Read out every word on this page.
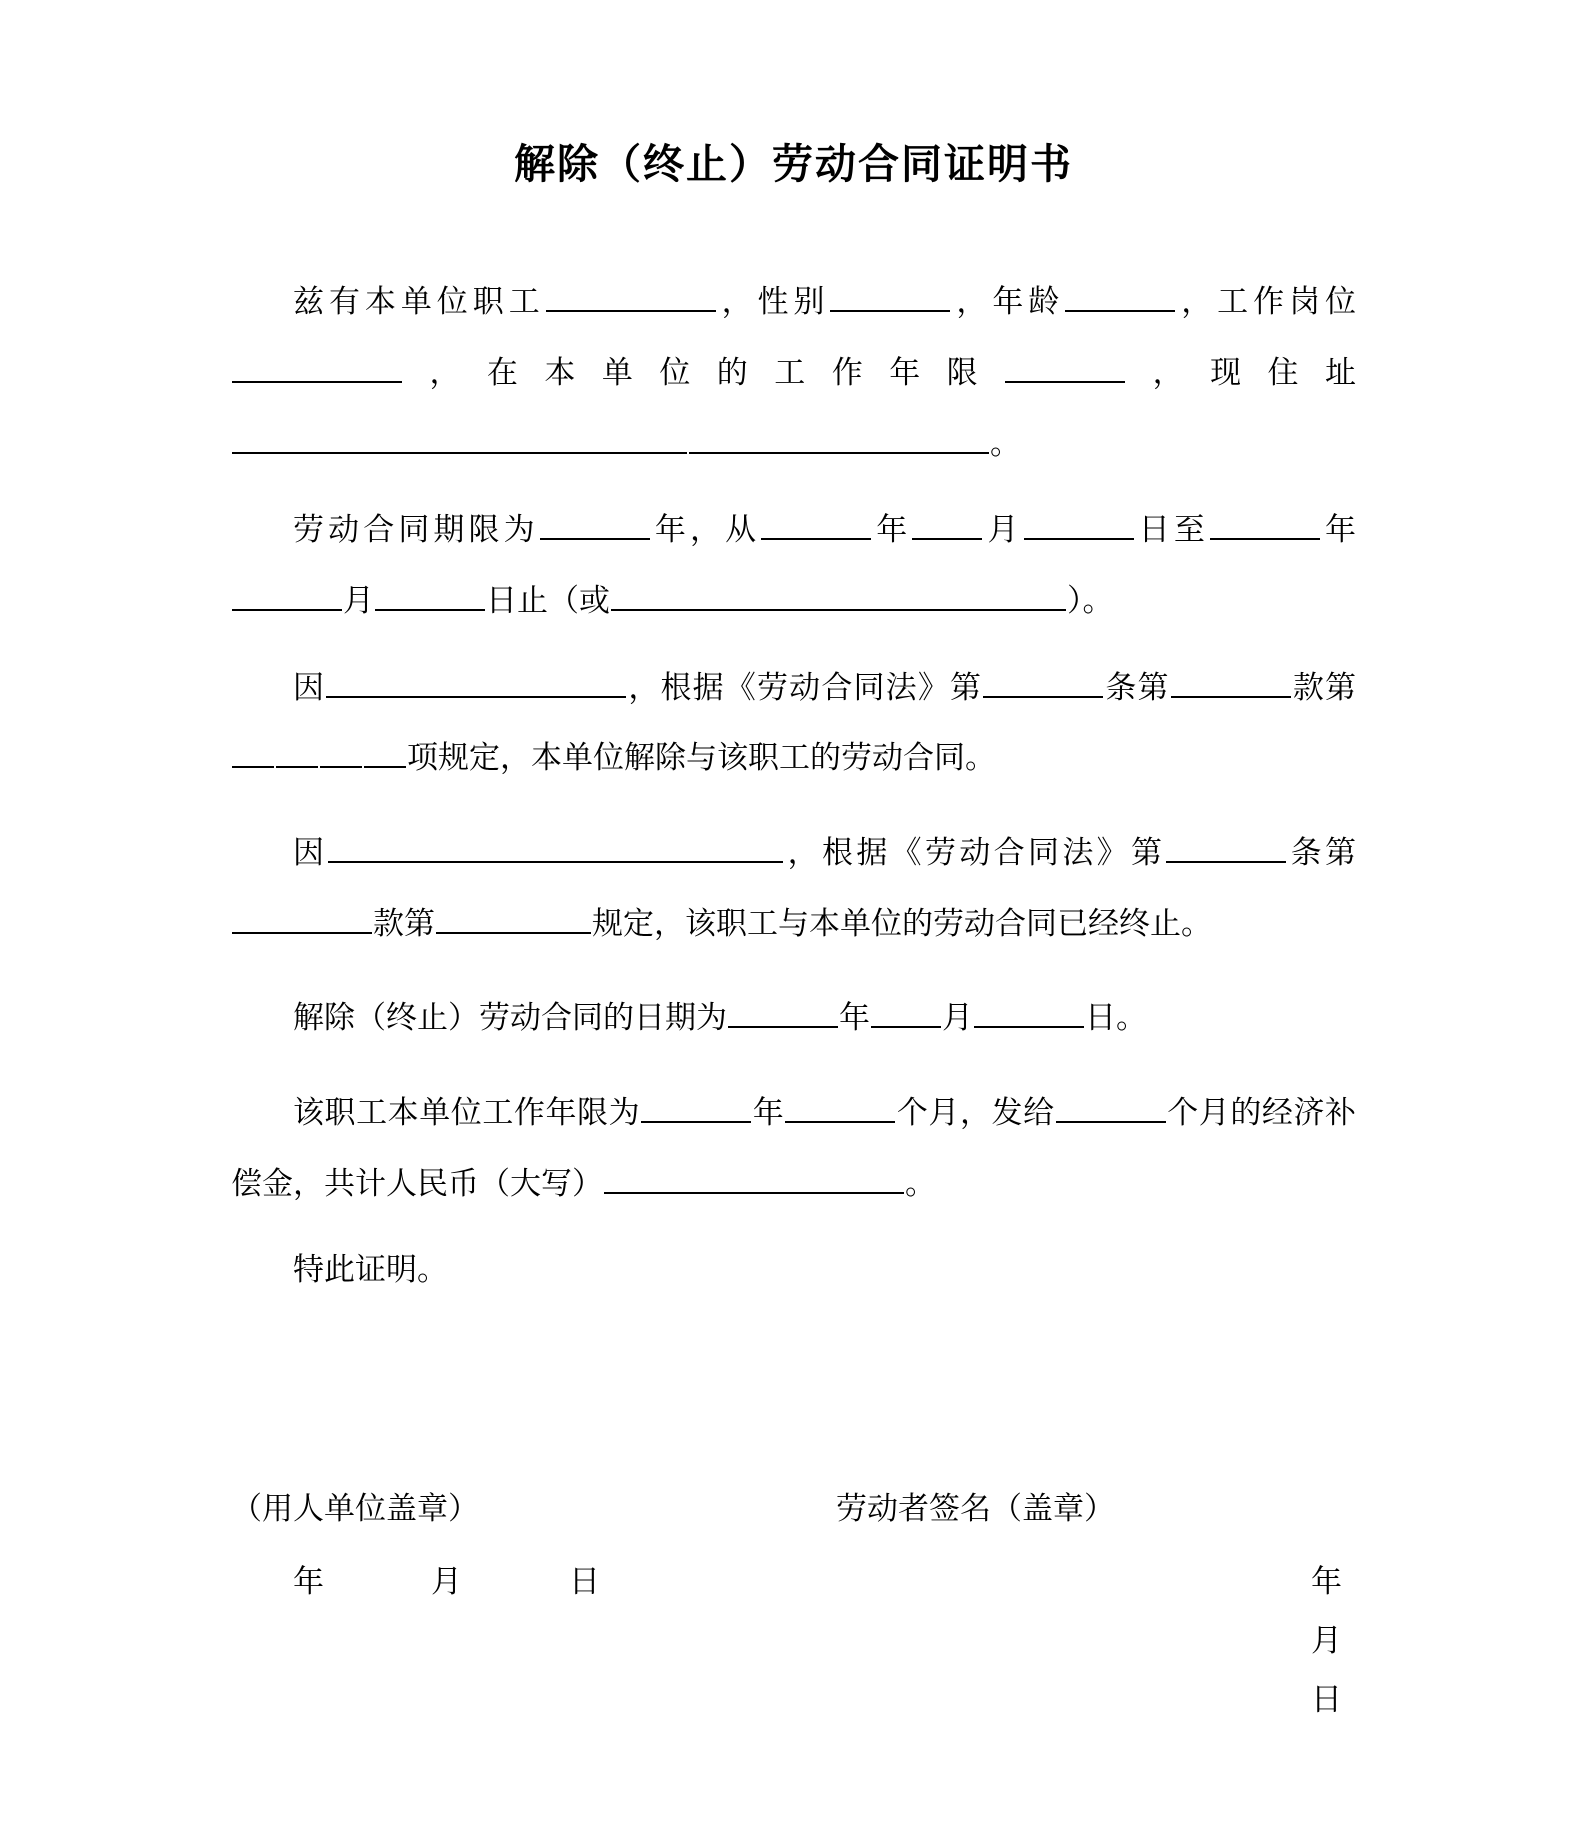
解除（终止）劳动合同证明书

兹有本单位职工	，性别	，年龄	，工作岗位，在本单位的工作年限	，现住址。

劳动合同期限为	年，从	年 月	日至	年月	日止（或	）。

因	，根据《劳动合同法》第	条第	款第项规定，本单位解除与该职工的劳动合同。

因	，根据《劳动合同法》第	条第款第	规定，该职工与本单位的劳动合同已经终止。

解除（终止）劳动合同的日期为	年 月	日。

该职工本单位工作年限为	年	个月，发给	个月的经济补偿金，共计人民币（大写）	。

特此证明。

（用人单位盖章）	劳动者签名（盖章）
年　月　日	年 月 日
